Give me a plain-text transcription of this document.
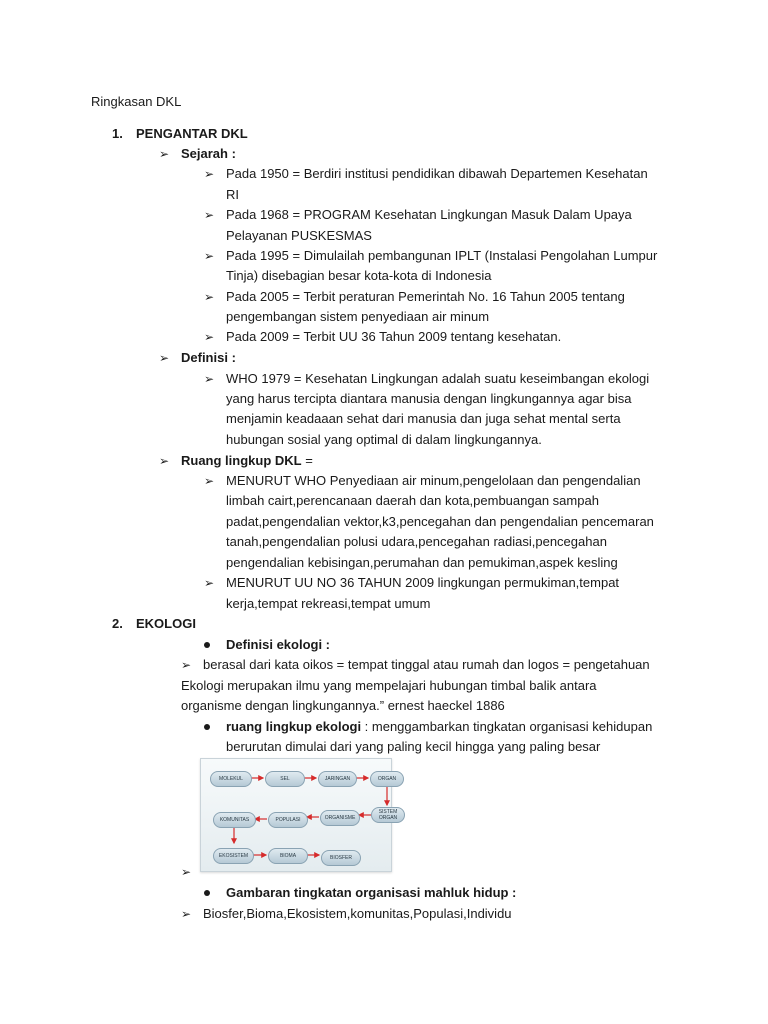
Ringkasan DKL
1. PENGANTAR DKL
➢ Sejarah :
➢ Pada 1950 = Berdiri institusi pendidikan dibawah Departemen Kesehatan
RI
➢ Pada 1968 = PROGRAM Kesehatan Lingkungan Masuk Dalam Upaya
Pelayanan PUSKESMAS
➢ Pada 1995 = Dimulailah pembangunan IPLT (Instalasi Pengolahan Lumpur
Tinja) disebagian besar kota-kota di Indonesia
➢ Pada 2005 = Terbit peraturan Pemerintah No. 16 Tahun 2005 tentang
pengembangan sistem penyediaan air minum
➢ Pada 2009 = Terbit UU 36 Tahun 2009 tentang kesehatan.
➢ Definisi :
➢ WHO 1979 = Kesehatan Lingkungan adalah suatu keseimbangan ekologi
yang harus tercipta diantara manusia dengan lingkungannya agar bisa
menjamin keadaaan sehat dari manusia dan juga sehat mental serta
hubungan sosial yang optimal di dalam lingkungannya.
➢ Ruang lingkup DKL =
➢ MENURUT WHO Penyediaan air minum,pengelolaan dan pengendalian
limbah cairt,perencanaan daerah dan kota,pembuangan sampah
padat,pengendalian vektor,k3,pencegahan dan pengendalian pencemaran
tanah,pengendalian polusi udara,pencegahan radiasi,pencegahan
pengendalian kebisingan,perumahan dan pemukiman,aspek kesling
➢ MENURUT UU NO 36 TAHUN 2009 lingkungan permukiman,tempat
kerja,tempat rekreasi,tempat umum
2. EKOLOGI
Definisi ekologi :
➢ berasal dari kata oikos = tempat tinggal atau rumah dan logos = pengetahuan
Ekologi merupakan ilmu yang mempelajari hubungan timbal balik antara
organisme dengan lingkungannya.” ernest haeckel 1886
ruang lingkup ekologi : menggambarkan tingkatan organisasi kehidupan
berurutan dimulai dari yang paling kecil hingga yang paling besar
MOLEKUL	SEL	JARINGAN	ORGAN
SISTEM
ORGAN
ORGANISME
POPULASI
KOMUNITAS
EKOSISTEM	BIOMA	BIOSFER
➢
Gambaran tingkatan organisasi mahluk hidup :
➢ Biosfer,Bioma,Ekosistem,komunitas,Populasi,Individu
